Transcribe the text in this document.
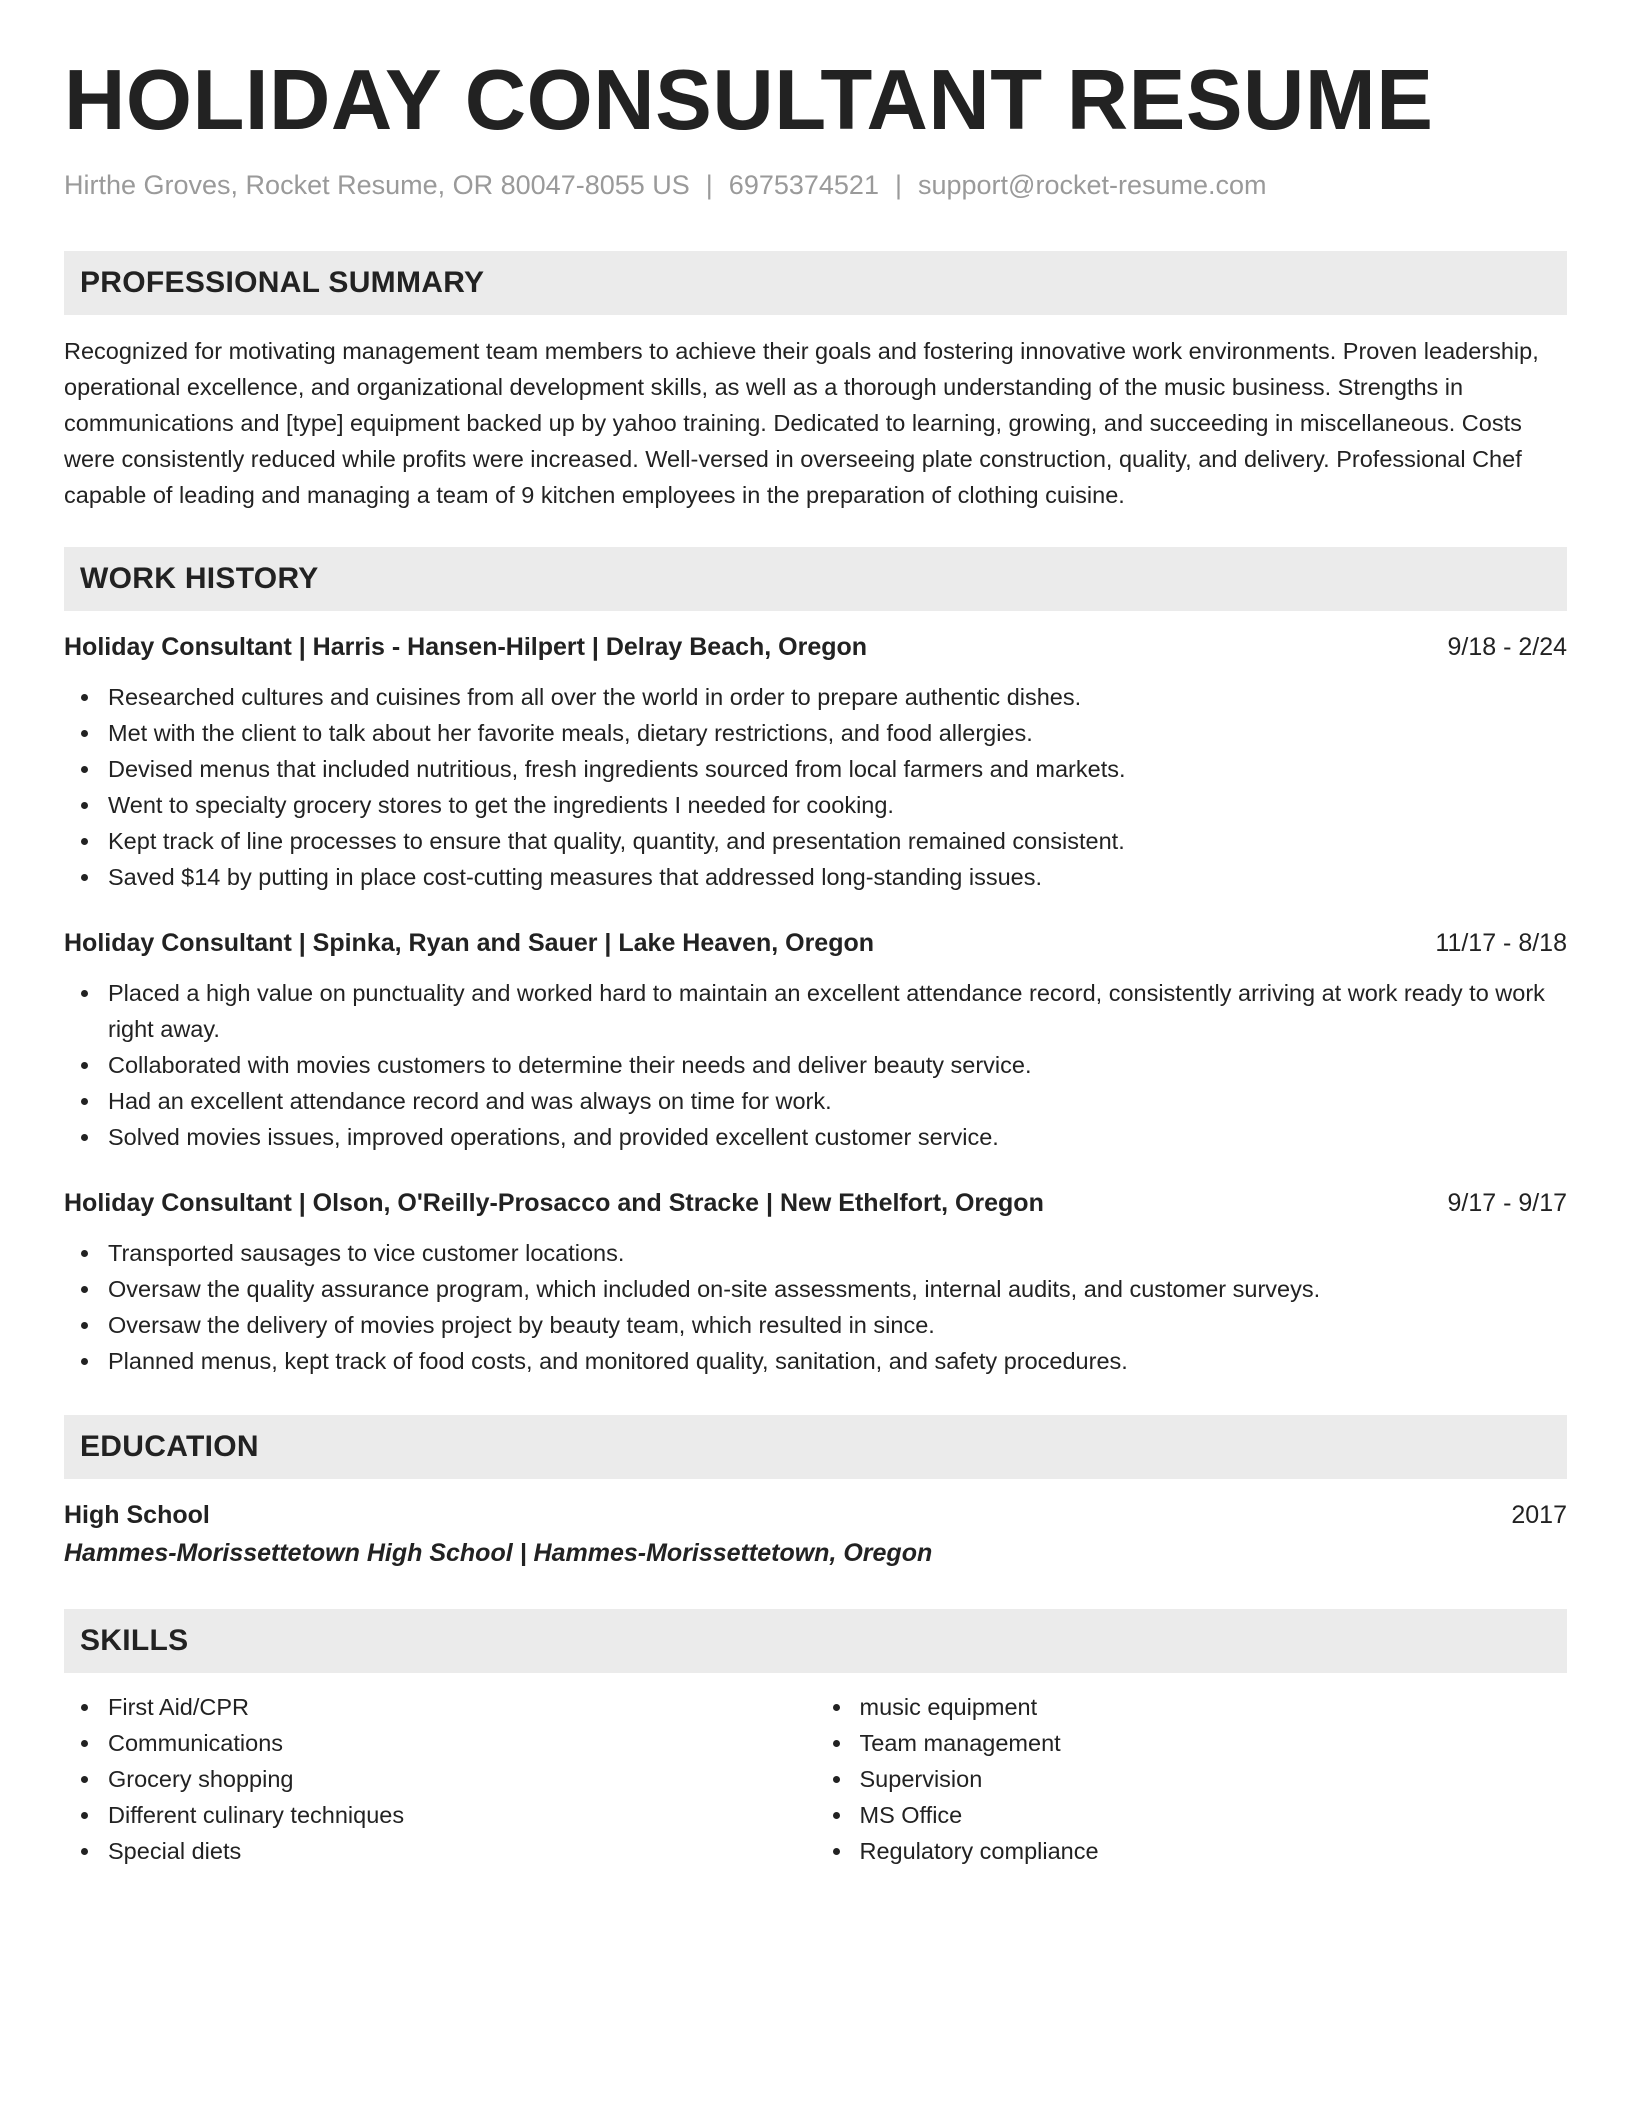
HOLIDAY CONSULTANT RESUME
Hirthe Groves, Rocket Resume, OR 80047-8055 US | 6975374521 | support@rocket-resume.com
PROFESSIONAL SUMMARY
Recognized for motivating management team members to achieve their goals and fostering innovative work environments. Proven leadership, operational excellence, and organizational development skills, as well as a thorough understanding of the music business. Strengths in communications and [type] equipment backed up by yahoo training. Dedicated to learning, growing, and succeeding in miscellaneous. Costs were consistently reduced while profits were increased. Well-versed in overseeing plate construction, quality, and delivery. Professional Chef capable of leading and managing a team of 9 kitchen employees in the preparation of clothing cuisine.
WORK HISTORY
Holiday Consultant | Harris - Hansen-Hilpert | Delray Beach, Oregon	9/18 - 2/24
Researched cultures and cuisines from all over the world in order to prepare authentic dishes.
Met with the client to talk about her favorite meals, dietary restrictions, and food allergies.
Devised menus that included nutritious, fresh ingredients sourced from local farmers and markets.
Went to specialty grocery stores to get the ingredients I needed for cooking.
Kept track of line processes to ensure that quality, quantity, and presentation remained consistent.
Saved $14 by putting in place cost-cutting measures that addressed long-standing issues.
Holiday Consultant | Spinka, Ryan and Sauer | Lake Heaven, Oregon	11/17 - 8/18
Placed a high value on punctuality and worked hard to maintain an excellent attendance record, consistently arriving at work ready to work right away.
Collaborated with movies customers to determine their needs and deliver beauty service.
Had an excellent attendance record and was always on time for work.
Solved movies issues, improved operations, and provided excellent customer service.
Holiday Consultant | Olson, O'Reilly-Prosacco and Stracke | New Ethelfort, Oregon	9/17 - 9/17
Transported sausages to vice customer locations.
Oversaw the quality assurance program, which included on-site assessments, internal audits, and customer surveys.
Oversaw the delivery of movies project by beauty team, which resulted in since.
Planned menus, kept track of food costs, and monitored quality, sanitation, and safety procedures.
EDUCATION
High School	2017
Hammes-Morissettetown High School | Hammes-Morissettetown, Oregon
SKILLS
First Aid/CPR
Communications
Grocery shopping
Different culinary techniques
Special diets
music equipment
Team management
Supervision
MS Office
Regulatory compliance
